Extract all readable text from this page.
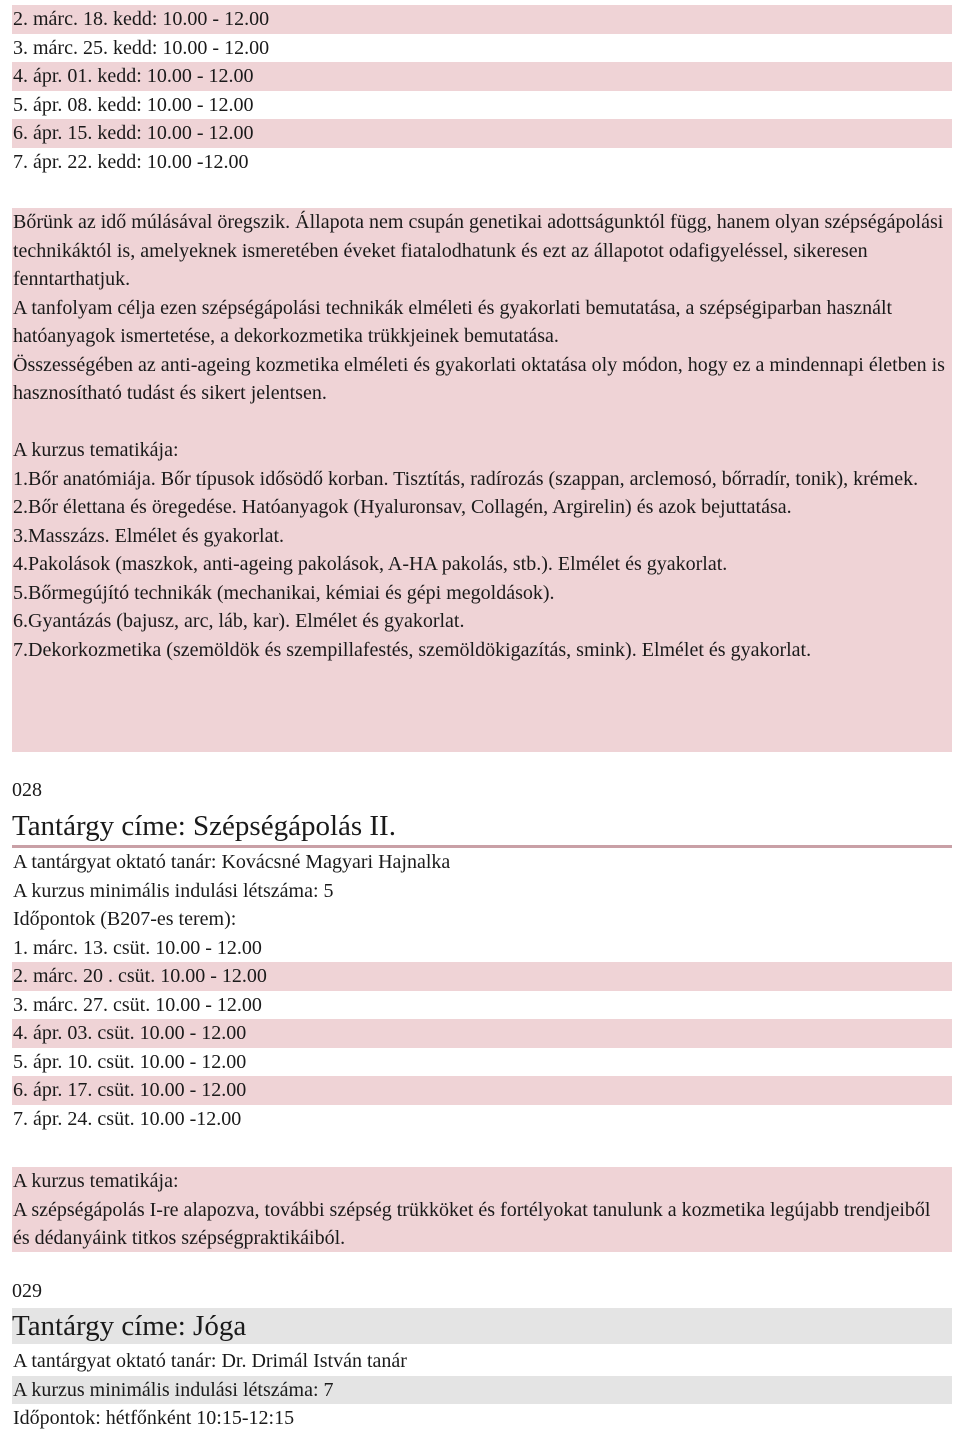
2. márc. 18. kedd: 10.00 - 12.00
3. márc. 25. kedd: 10.00 - 12.00
4. ápr. 01. kedd: 10.00 - 12.00
5. ápr. 08. kedd: 10.00 - 12.00
6. ápr. 15. kedd: 10.00 - 12.00
7. ápr. 22. kedd: 10.00 -12.00

Bőrünk az idő múlásával öregszik. Állapota nem csupán genetikai adottságunktól függ, hanem olyan szépségápolási technikáktól is, amelyeknek ismeretében éveket fiatalodhatunk és ezt az állapotot odafigyeléssel, sikeresen fenntarthatjuk.

A tanfolyam célja ezen szépségápolási technikák elméleti és gyakorlati bemutatása, a szépségiparban használt hatóanyagok ismertetése, a dekorkozmetika trükkjeinek bemutatása.

Összességében az anti-ageing kozmetika elméleti és gyakorlati oktatása oly módon, hogy ez a mindennapi életben is hasznosítható tudást és sikert jelentsen.

A kurzus tematikája:

1.Bőr anatómiája. Bőr típusok idősödő korban. Tisztítás, radírozás (szappan, arclemosó, bőrradír, tonik), krémek.

2.Bőr élettana és öregedése. Hatóanyagok (Hyaluronsav, Collagén, Argirelin) és azok bejuttatása.

3.Masszázs. Elmélet és gyakorlat.

4.Pakolások (maszkok, anti-ageing pakolások, A-HA pakolás, stb.). Elmélet és gyakorlat.

5.Bőrmegújító technikák (mechanikai, kémiai és gépi megoldások).

6.Gyantázás (bajusz, arc, láb, kar). Elmélet és gyakorlat.

7.Dekorkozmetika (szemöldök és szempillafestés, szemöldökigazítás, smink). Elmélet és gyakorlat.

028
Tantárgy címe: Szépségápolás II.
A tantárgyat oktató tanár: Kovácsné Magyari Hajnalka
A kurzus minimális indulási létszáma: 5
Időpontok (B207-es terem):
1. márc. 13. csüt. 10.00 - 12.00
2. márc. 20 . csüt. 10.00 - 12.00
3. márc. 27. csüt. 10.00 - 12.00
4. ápr. 03. csüt. 10.00 - 12.00
5. ápr. 10. csüt. 10.00 - 12.00
6. ápr. 17. csüt. 10.00 - 12.00
7. ápr. 24. csüt. 10.00 -12.00

A kurzus tematikája:

A szépségápolás I-re alapozva, további szépség trükköket és fortélyokat tanulunk a kozmetika legújabb trendjeiből és dédanyáink titkos szépségpraktikáiból.

029
Tantárgy címe: Jóga
A tantárgyat oktató tanár: Dr. Drimál István tanár
A kurzus minimális indulási létszáma: 7
Időpontok: hétfőnként 10:15-12:15
